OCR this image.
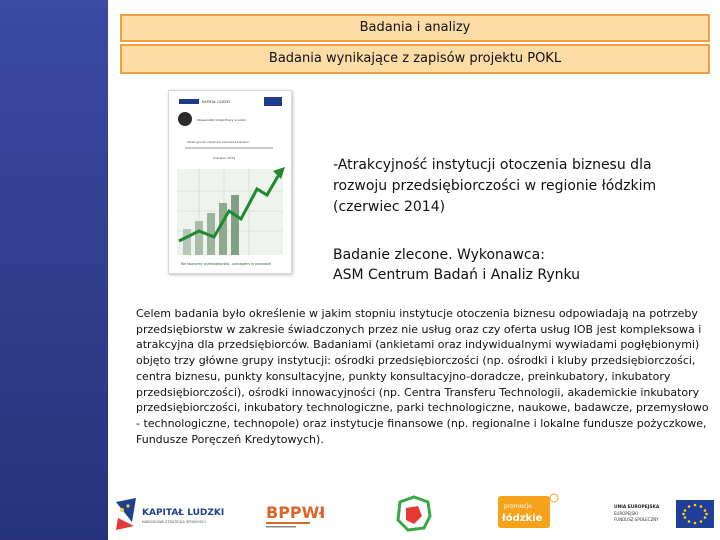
Badania i analizy
Badania wynikające z zapisów projektu POKL
KAPITAŁ LUDZKI
Wojewódzki Urząd Pracy w Łodzi
Atrakcyjność instytucji otoczenia biznesu
Czerwiec 2014
Nie tworzymy przedsiębiorstw - pomagamy je prowadzić
-Atrakcyjność instytucji otoczenia biznesu dla rozwoju przedsiębiorczości w regionie łódzkim (czerwiec 2014)
Badanie zlecone. Wykonawca:
ASM Centrum Badań i Analiz Rynku
Celem badania było określenie w jakim stopniu instytucje otoczenia biznesu odpowiadają na potrzeby przedsiębiorstw w zakresie świadczonych przez nie usług oraz czy oferta usług IOB jest kompleksowa i atrakcyjna dla przedsiębiorców. Badaniami (ankietami oraz indywidualnymi wywiadami pogłębionymi) objęto trzy główne grupy instytucji: ośrodki przedsiębiorczości (np. ośrodki i kluby przedsiębiorczości, centra biznesu, punkty konsultacyjne, punkty konsultacyjno-doradcze, preinkubatory, inkubatory przedsiębiorczości), ośrodki innowacyjności (np. Centra Transferu Technologii, akademickie inkubatory przedsiębiorczości, inkubatory technologiczne, parki technologiczne, naukowe, badawcze, przemysłowo - technologiczne, technopole) oraz instytucje finansowe (np. regionalne i lokalne fundusze pożyczkowe, Fundusze Poręczeń Kredytowych).
KAPITAŁ LUDZKI
NARODOWA STRATEGIA SPÓJNOŚCI	BPPWŁ	promocje
łódzkie
UNIA EUROPEJSKA
EUROPEJSKI
FUNDUSZ SPOŁECZNY
